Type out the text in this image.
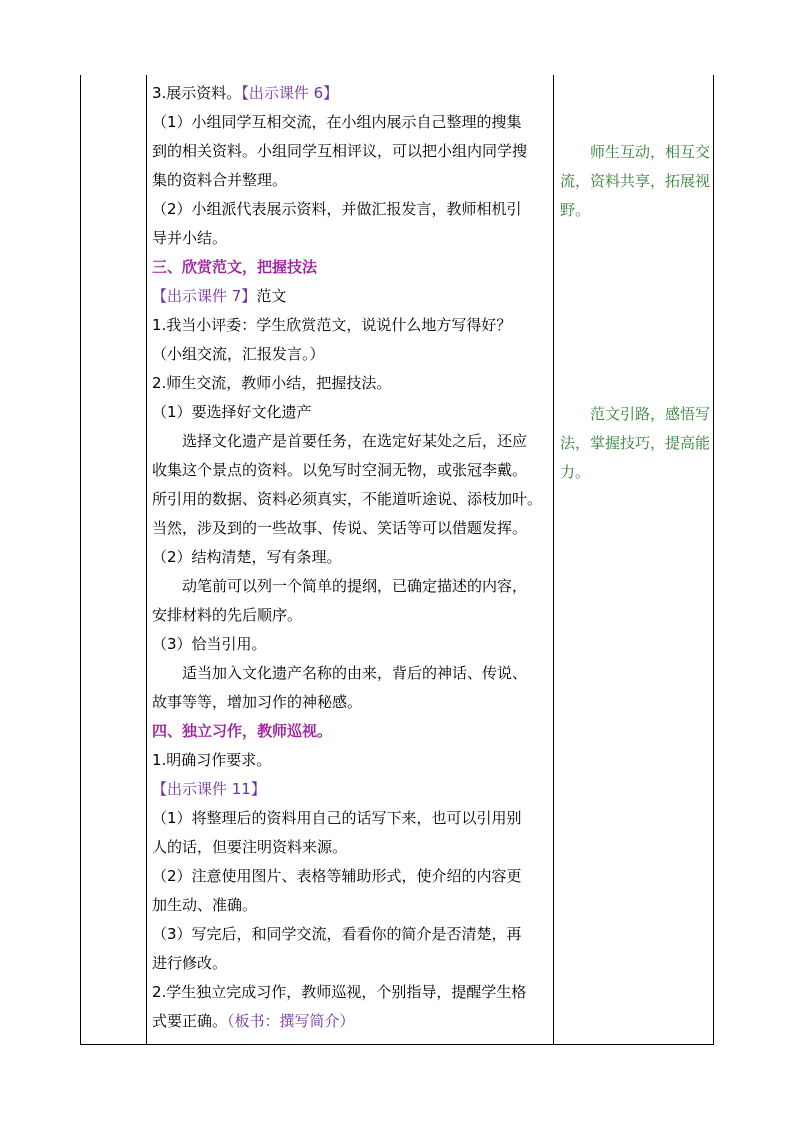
3.展示资料。【出示课件 6】
（1）小组同学互相交流，在小组内展示自己整理的搜集
到的相关资料。小组同学互相评议，可以把小组内同学搜
集的资料合并整理。
（2）小组派代表展示资料，并做汇报发言，教师相机引
导并小结。
三、欣赏范文，把握技法
【出示课件 7】范文
1.我当小评委：学生欣赏范文，说说什么地方写得好？
（小组交流，汇报发言。）
2.师生交流，教师小结，把握技法。
（1）要选择好文化遗产
　　选择文化遗产是首要任务，在选定好某处之后，还应
收集这个景点的资料。以免写时空洞无物，或张冠李戴。
所引用的数据、资料必须真实，不能道听途说、添枝加叶。
当然，涉及到的一些故事、传说、笑话等可以借题发挥。
（2）结构清楚，写有条理。
　　动笔前可以列一个简单的提纲，已确定描述的内容，
安排材料的先后顺序。
（3）恰当引用。
　　适当加入文化遗产名称的由来，背后的神话、传说、
故事等等，增加习作的神秘感。
四、独立习作，教师巡视。
1.明确习作要求。
【出示课件 11】
（1）将整理后的资料用自己的话写下来，也可以引用别
人的话，但要注明资料来源。
（2）注意使用图片、表格等辅助形式，使介绍的内容更
加生动、准确。
（3）写完后，和同学交流，看看你的简介是否清楚，再
进行修改。
2.学生独立完成习作，教师巡视，个别指导，提醒学生格
式要正确。（板书：撰写简介）
　　师生互动，相互交
流，资料共享，拓展视
野。
　　范文引路，感悟写
法，掌握技巧，提高能
力。
